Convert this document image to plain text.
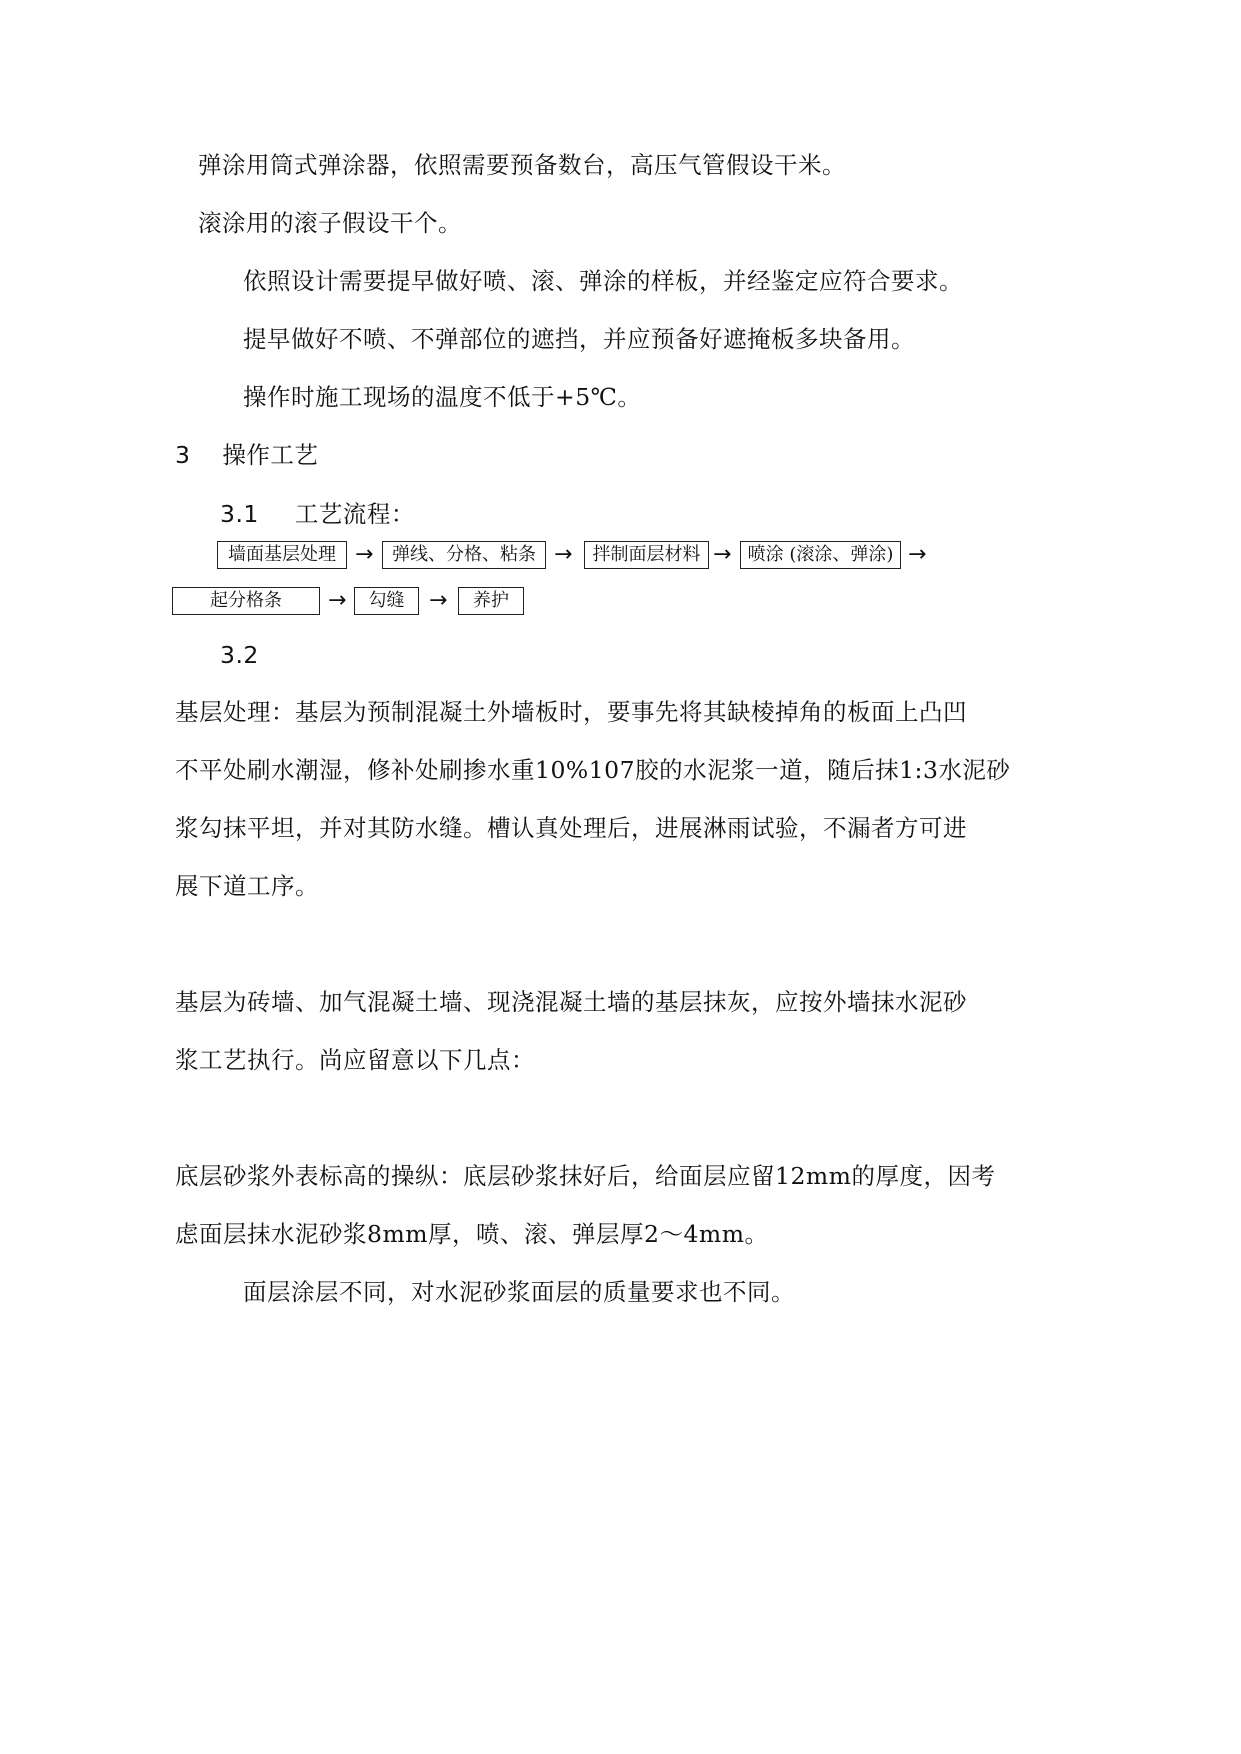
弹涂用筒式弹涂器，依照需要预备数台，高压气管假设干米。
滚涂用的滚子假设干个。
依照设计需要提早做好喷、滚、弹涂的样板，并经鉴定应符合要求。
提早做好不喷、不弹部位的遮挡，并应预备好遮掩板多块备用。
操作时施工现场的温度不低于+5℃。
3 操作工艺
3.1 工艺流程：
墙面基层处理 →	弹线、分格、粘条 →	拌制面层材料 → 喷涂 (滚涂、弹涂) →
起分格条	→	勾缝	→	养护
3.2
基层处理：基层为预制混凝土外墙板时，要事先将其缺棱掉角的板面上凸凹
不平处刷水潮湿，修补处刷掺水重10%107胶的水泥浆一道，随后抹1:3水泥砂
浆勾抹平坦，并对其防水缝。槽认真处理后，进展淋雨试验，不漏者方可进
展下道工序。
基层为砖墙、加气混凝土墙、现浇混凝土墙的基层抹灰，应按外墙抹水泥砂
浆工艺执行。尚应留意以下几点：
底层砂浆外表标高的操纵：底层砂浆抹好后，给面层应留12mm的厚度，因考
虑面层抹水泥砂浆8mm厚，喷、滚、弹层厚2～4mm。
面层涂层不同，对水泥砂浆面层的质量要求也不同。
